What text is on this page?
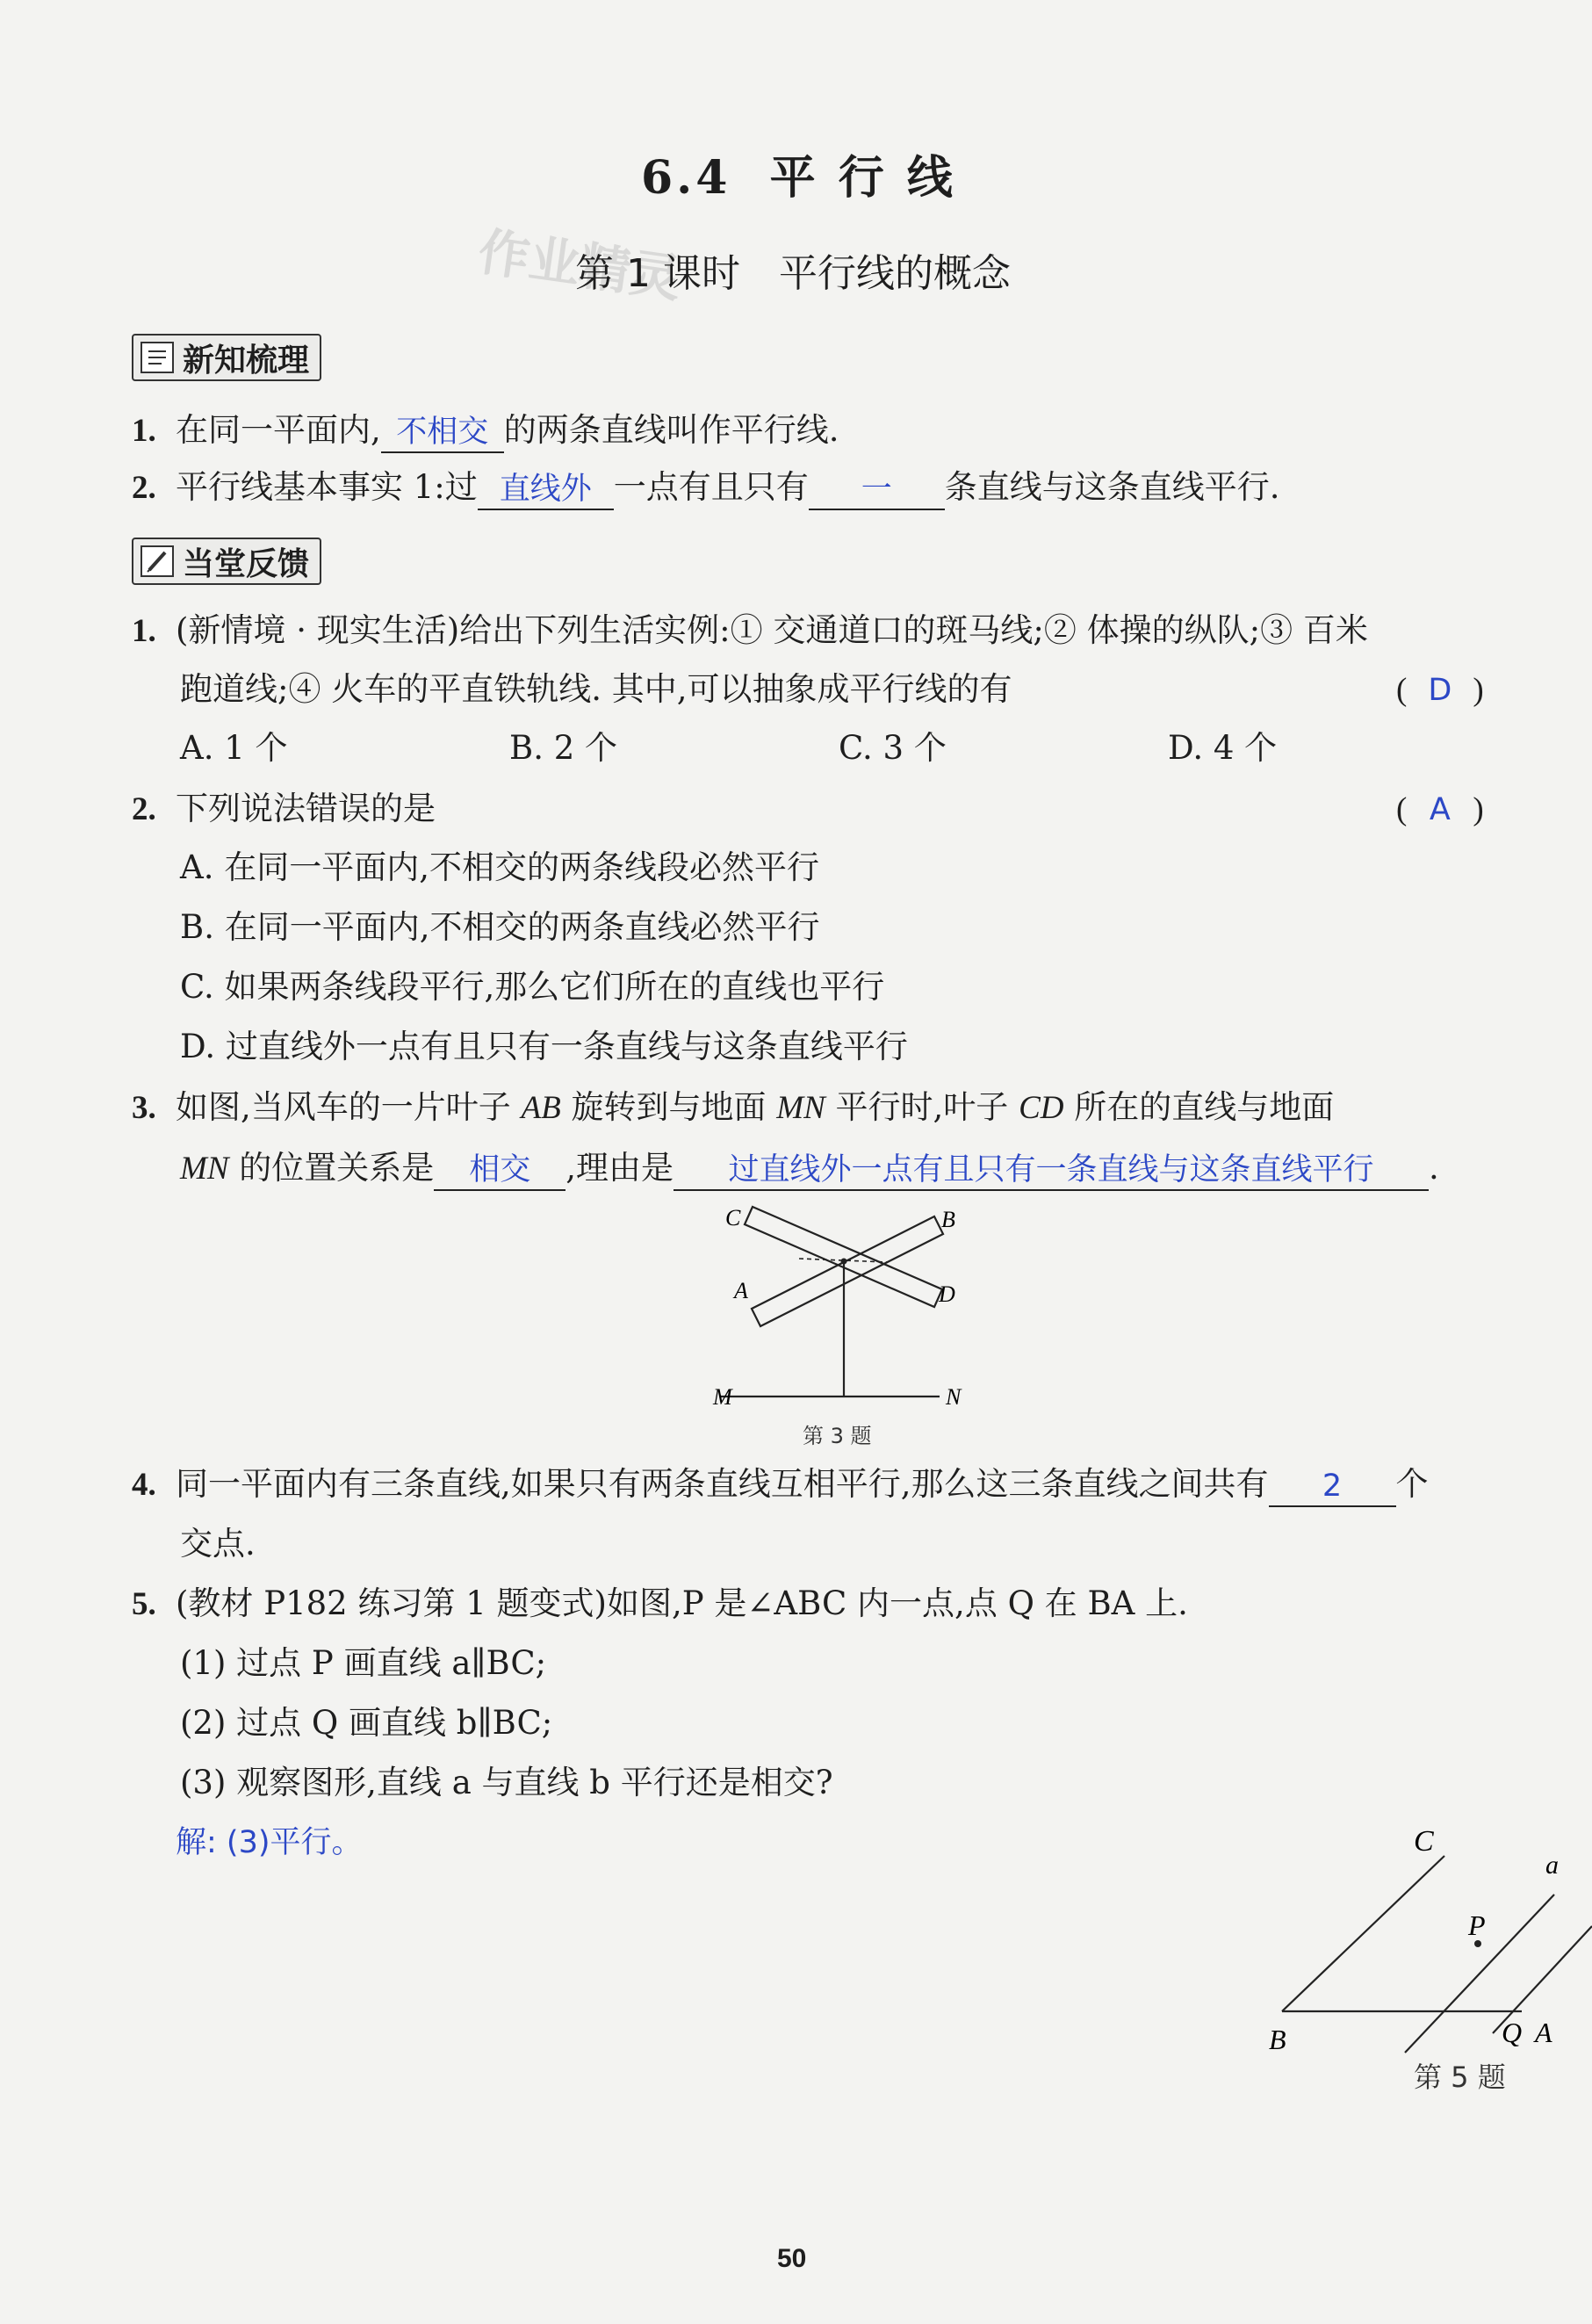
6.4  平 行 线
作业精灵
第 1 课时　平行线的概念
新知梳理
1. 在同一平面内, 不相交 的两条直线叫作平行线.
2. 平行线基本事实 1:过 直线外 一点有且只有 一 条直线与这条直线平行.
当堂反馈
1. (新情境 · 现实生活)给出下列生活实例:① 交通道口的斑马线;② 体操的纵队;③ 百米
跑道线;④ 火车的平直铁轨线. 其中,可以抽象成平行线的有	( D )
A. 1 个	B. 2 个	C. 3 个	D. 4 个
2. 下列说法错误的是	( A )
A. 在同一平面内,不相交的两条线段必然平行
B. 在同一平面内,不相交的两条直线必然平行
C. 如果两条线段平行,那么它们所在的直线也平行
D. 过直线外一点有且只有一条直线与这条直线平行
3. 如图,当风车的一片叶子 AB 旋转到与地面 MN 平行时,叶子 CD 所在的直线与地面
MN 的位置关系是 相交 ,理由是 过直线外一点有且只有一条直线与这条直线平行 .
C	B
A	D
M	N
第 3 题
4. 同一平面内有三条直线,如果只有两条直线互相平行,那么这三条直线之间共有 2 个
交点.
5. (教材 P182 练习第 1 题变式)如图,P 是∠ABC 内一点,点 Q 在 BA 上.
(1) 过点 P 画直线 a∥BC;
(2) 过点 Q 画直线 b∥BC;
(3) 观察图形,直线 a 与直线 b 平行还是相交?
解: (3)平行。	C
a
P
B	Q A
第 5 题
50
